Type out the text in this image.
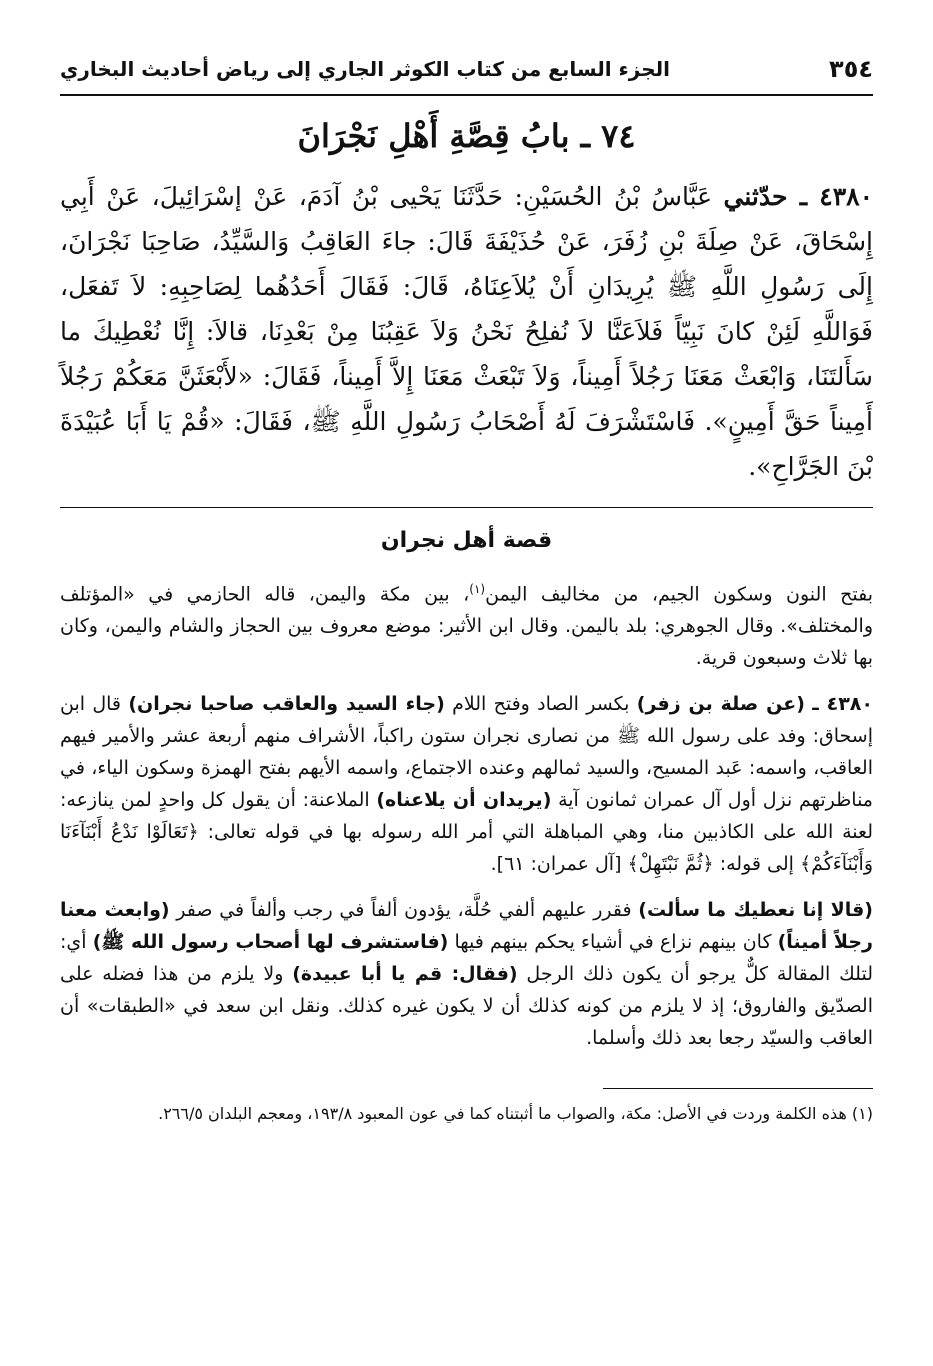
٣٥٤
الجزء السابع من كتاب الكوثر الجاري إلى رياض أحاديث البخاري
٧٤ ـ بابُ قِصَّةِ أَهْلِ نَجْرَانَ

٤٣٨٠ ـ حدّثني عَبَّاسُ بْنُ الحُسَيْنِ: حَدَّثَنَا يَحْيى بْنُ آدَمَ، عَنْ إسْرَائِيلَ، عَنْ أَبِي إِسْحَاقَ، عَنْ صِلَةَ بْنِ زُفَرَ، عَنْ حُذَيْفَةَ قَالَ: جاءَ العَاقِبُ وَالسَّيِّدُ، صَاحِبَا نَجْرَانَ، إِلَى رَسُولِ اللَّهِ ﷺ يُرِيدَانِ أَنْ يُلاَعِنَاهُ، قَالَ: فَقَالَ أَحَدُهُما لِصَاحِبِهِ: لاَ تَفعَل، فَوَاللَّهِ لَئِنْ كانَ نَبِيّاً فَلاَعَنَّا لاَ نُفلِحُ نَحْنُ وَلاَ عَقِبُنَا مِنْ بَعْدِنَا، قالاَ: إِنَّا نُعْطِيكَ ما سَأَلتَنَا، وَابْعَثْ مَعَنَا رَجُلاً أَمِيناً، وَلاَ تَبْعَثْ مَعَنَا إِلاَّ أَمِيناً، فَقَالَ: «لأَبْعَثَنَّ مَعَكُمْ رَجُلاً أَمِيناً حَقَّ أَمِينٍ». فَاسْتَشْرَفَ لَهُ أَصْحَابُ رَسُولِ اللَّهِ ﷺ، فَقَالَ: «قُمْ يَا أَبَا عُبَيْدَةَ بْنَ الجَرَّاحِ».

قصة أهل نجران

بفتح النون وسكون الجيم، من مخاليف اليمن$^{(١)}$، بين مكة واليمن، قاله الحازمي في «المؤتلف والمختلف». وقال الجوهري: بلد باليمن. وقال ابن الأثير: موضع معروف بين الحجاز والشام واليمن، وكان بها ثلاث وسبعون قرية.

٤٣٨٠ ـ (عن صلة بن زفر) بكسر الصاد وفتح اللام (جاء السيد والعاقب صاحبا نجران) قال ابن إسحاق: وفد على رسول الله ﷺ من نصارى نجران ستون راكباً، الأشراف منهم أربعة عشر والأمير فيهم العاقب، واسمه: عَبد المسيح، والسيد ثمالهم وعنده الاجتماع، واسمه الأيهم بفتح الهمزة وسكون الياء، في مناظرتهم نزل أول آل عمران ثمانون آية (يريدان أن يلاعناه) الملاعنة: أن يقول كل واحدٍ لمن ينازعه: لعنة الله على الكاذبين منا، وهي المباهلة التي أمر الله رسوله بها في قوله تعالى: ﴿تَعَالَوْا نَدْعُ أَبْنَآءَنَا وَأَبْنَآءَكُمْ﴾ إلى قوله: ﴿ثُمَّ نَبْتَهِلْ﴾ [آل عمران: ٦١].

(قالا إنا نعطيك ما سألت) فقرر عليهم ألفي حُلَّة، يؤدون ألفاً في رجب وألفاً في صفر (وابعث معنا رجلاً أميناً) كان بينهم نزاع في أشياء يحكم بينهم فيها (فاستشرف لها أصحاب رسول الله ﷺ) أي: لتلك المقالة كلٌّ يرجو أن يكون ذلك الرجل (فقال: قم يا أبا عبيدة) ولا يلزم من هذا فضله على الصدّيق والفاروق؛ إذ لا يلزم من كونه كذلك أن لا يكون غيره كذلك. ونقل ابن سعد في «الطبقات» أن العاقب والسيّد رجعا بعد ذلك وأسلما.

(١) هذه الكلمة وردت في الأصل: مكة، والصواب ما أثبتناه كما في عون المعبود ١٩٣/٨، ومعجم البلدان ٢٦٦/٥.
